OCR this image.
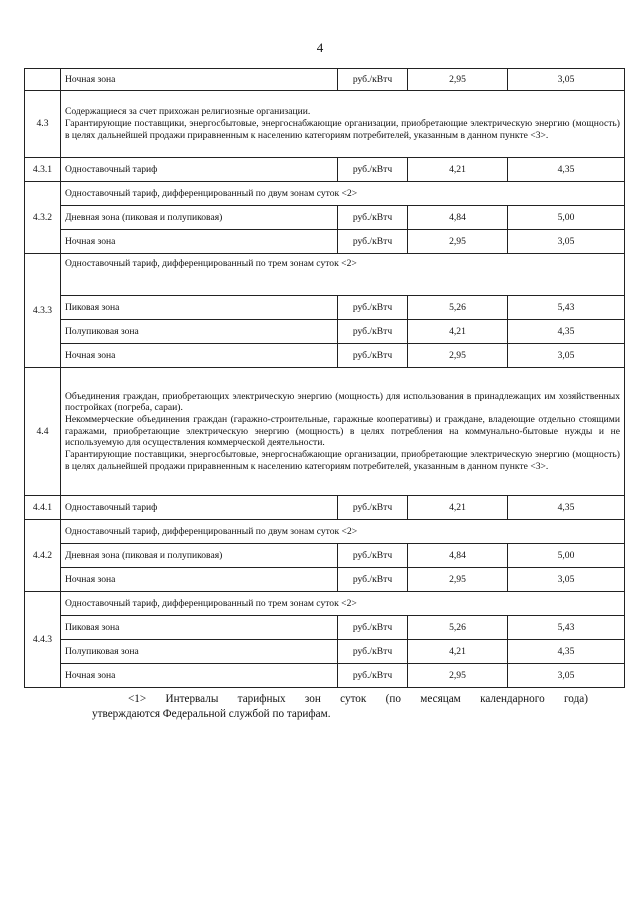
4
	Ночная зона	руб./кВтч	2,95	3,05
4.3	Содержащиеся за счет прихожан религиозные организации.

Гарантирующие поставщики, энергосбытовые, энергоснабжающие организации, приобретающие электрическую энергию (мощность) в целях дальнейшей продажи приравненным к населению категориям потребителей, указанным в данном пункте <3>.			

4.3.1	Одноставочный тариф	руб./кВтч	4,21	4,35
4.3.2	Одноставочный тариф, дифференцированный по двум зонам суток <2>			
	Дневная зона (пиковая и полупиковая)	руб./кВтч	4,84	5,00
	Ночная зона	руб./кВтч	2,95	3,05
4.3.3	Одноставочный тариф, дифференцированный по трем зонам суток <2>			
	Пиковая зона	руб./кВтч	5,26	5,43
	Полупиковая зона	руб./кВтч	4,21	4,35
	Ночная зона	руб./кВтч	2,95	3,05
4.4	Объединения граждан, приобретающих электрическую энергию (мощность) для использования в принадлежащих им хозяйственных постройках (погреба, сараи).

Некоммерческие объединения граждан (гаражно-строительные, гаражные кооперативы) и граждане, владеющие отдельно стоящими гаражами, приобретающие электрическую энергию (мощность) в целях потребления на коммунально-бытовые нужды и не используемую для осуществления коммерческой деятельности.

Гарантирующие поставщики, энергосбытовые, энергоснабжающие организации, приобретающие электрическую энергию (мощность) в целях дальнейшей продажи приравненным к населению категориям потребителей, указанным в данном пункте <3>.			

4.4.1	Одноставочный тариф	руб./кВтч	4,21	4,35
4.4.2	Одноставочный тариф, дифференцированный по двум зонам суток <2>			
	Дневная зона (пиковая и полупиковая)	руб./кВтч	4,84	5,00
	Ночная зона	руб./кВтч	2,95	3,05
4.4.3	Одноставочный тариф, дифференцированный по трем зонам суток <2>			
	Пиковая зона	руб./кВтч	5,26	5,43
	Полупиковая зона	руб./кВтч	4,21	4,35
	Ночная зона	руб./кВтч	2,95	3,05
<1> Интервалы тарифных зон суток (по месяцам календарного года)
утверждаются Федеральной службой по тарифам.
